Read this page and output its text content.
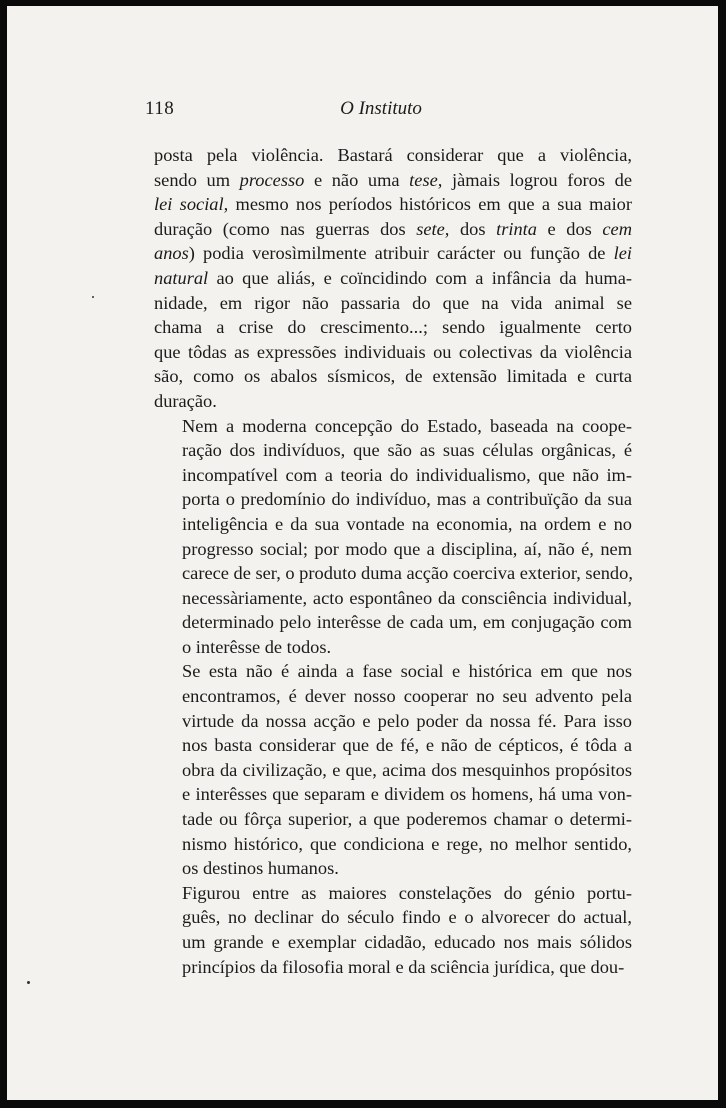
118	O Instituto

posta pela violência. Bastará considerar que a violência,
sendo um processo e não uma tese, jàmais logrou foros de
lei social, mesmo nos períodos históricos em que a sua maior
duração (como nas guerras dos sete, dos trinta e dos cem
anos) podia verosìmilmente atribuir carácter ou função de lei
natural ao que aliás, e coïncidindo com a infância da huma-
nidade, em rigor não passaria do que na vida animal se
chama a crise do crescimento...; sendo igualmente certo
que tôdas as expressões individuais ou colectivas da violência
são, como os abalos sísmicos, de extensão limitada e curta
duração.

Nem a moderna concepção do Estado, baseada na coope-
ração dos indivíduos, que são as suas células orgânicas, é
incompatível com a teoria do individualismo, que não im-
porta o predomínio do indivíduo, mas a contribuïção da sua
inteligência e da sua vontade na economia, na ordem e no
progresso social; por modo que a disciplina, aí, não é, nem
carece de ser, o produto duma acção coerciva exterior, sendo,
necessàriamente, acto espontâneo da consciência individual,
determinado pelo interêsse de cada um, em conjugação com
o interêsse de todos.

Se esta não é ainda a fase social e histórica em que nos
encontramos, é dever nosso cooperar no seu advento pela
virtude da nossa acção e pelo poder da nossa fé. Para isso
nos basta considerar que de fé, e não de cépticos, é tôda a
obra da civilização, e que, acima dos mesquinhos propósitos
e interêsses que separam e dividem os homens, há uma von-
tade ou fôrça superior, a que poderemos chamar o determi-
nismo histórico, que condiciona e rege, no melhor sentido,
os destinos humanos.

Figurou entre as maiores constelações do génio portu-
guês, no declinar do século findo e o alvorecer do actual,
um grande e exemplar cidadão, educado nos mais sólidos
princípios da filosofia moral e da sciência jurídica, que dou-
